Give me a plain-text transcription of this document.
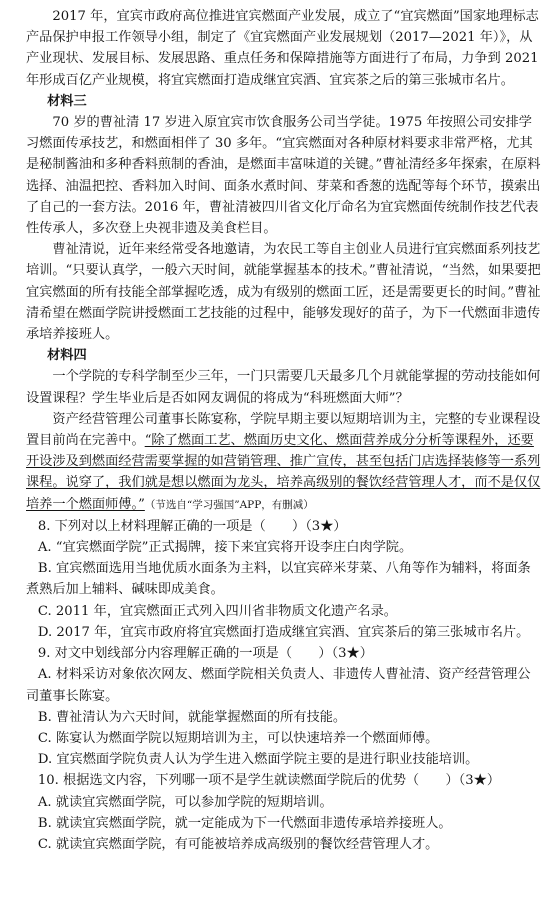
2017 年，宜宾市政府高位推进宜宾燃面产业发展，成立了“宜宾燃面”国家地理标志产品保护申报工作领导小组，制定了《宜宾燃面产业发展规划（2017—2021 年）》，从产业现状、发展目标、发展思路、重点任务和保障措施等方面进行了布局，力争到 2021 年形成百亿产业规模，将宜宾燃面打造成继宜宾酒、宜宾茶之后的第三张城市名片。

材料三

70 岁的曹祉清 17 岁进入原宜宾市饮食服务公司当学徒。1975 年按照公司安排学习燃面传承技艺，和燃面相伴了 30 多年。“宜宾燃面对各种原材料要求非常严格，尤其是秘制酱油和多种香料煎制的香油，是燃面丰富味道的关键。”曹祉清经多年探索，在原料选择、油温把控、香料加入时间、面条水煮时间、芽菜和香葱的选配等每个环节，摸索出了自己的一套方法。2016 年，曹祉清被四川省文化厅命名为宜宾燃面传统制作技艺代表性传承人，多次登上央视非遗及美食栏目。

曹祉清说，近年来经常受各地邀请，为农民工等自主创业人员进行宜宾燃面系列技艺培训。“只要认真学，一般六天时间，就能掌握基本的技术。”曹祉清说，“当然，如果要把宜宾燃面的所有技能全部掌握吃透，成为有级别的燃面工匠，还是需要更长的时间。”曹祉清希望在燃面学院讲授燃面工艺技能的过程中，能够发现好的苗子，为下一代燃面非遗传承培养接班人。

材料四

一个学院的专科学制至少三年，一门只需要几天最多几个月就能掌握的劳动技能如何设置课程？学生毕业后是否如网友调侃的将成为“科班燃面大师”？

资产经营管理公司董事长陈宴称，学院早期主要以短期培训为主，完整的专业课程设置目前尚在完善中。“除了燃面工艺、燃面历史文化、燃面营养成分分析等课程外，还要开设涉及到燃面经营需要掌握的如营销管理、推广宣传，甚至包括门店选择装修等一系列课程。说穿了，我们就是想以燃面为龙头，培养高级别的餐饮经营管理人才，而不是仅仅培养一个燃面师傅。”（节选自“学习强国”APP，有删减）

8. 下列对以上材料理解正确的一项是（　　）（3★）

A. “宜宾燃面学院”正式揭牌，接下来宜宾将开设李庄白肉学院。

B. 宜宾燃面选用当地优质水面条为主料，以宜宾碎米芽菜、八角等作为辅料，将面条煮熟后加上辅料、碱味即成美食。

C. 2011 年，宜宾燃面正式列入四川省非物质文化遗产名录。

D. 2017 年，宜宾市政府将宜宾燃面打造成继宜宾酒、宜宾茶后的第三张城市名片。

9. 对文中划线部分内容理解正确的一项是（　　）（3★）

A. 材料采访对象依次网友、燃面学院相关负责人、非遗传人曹祉清、资产经营管理公司董事长陈宴。

B. 曹祉清认为六天时间，就能掌握燃面的所有技能。

C. 陈宴认为燃面学院以短期培训为主，可以快速培养一个燃面师傅。

D. 宜宾燃面学院负责人认为学生进入燃面学院主要的是进行职业技能培训。

10. 根据选文内容，下列哪一项不是学生就读燃面学院后的优势（　　）（3★）

A. 就读宜宾燃面学院，可以参加学院的短期培训。

B. 就读宜宾燃面学院，就一定能成为下一代燃面非遗传承培养接班人。

C. 就读宜宾燃面学院，有可能被培养成高级别的餐饮经营管理人才。
